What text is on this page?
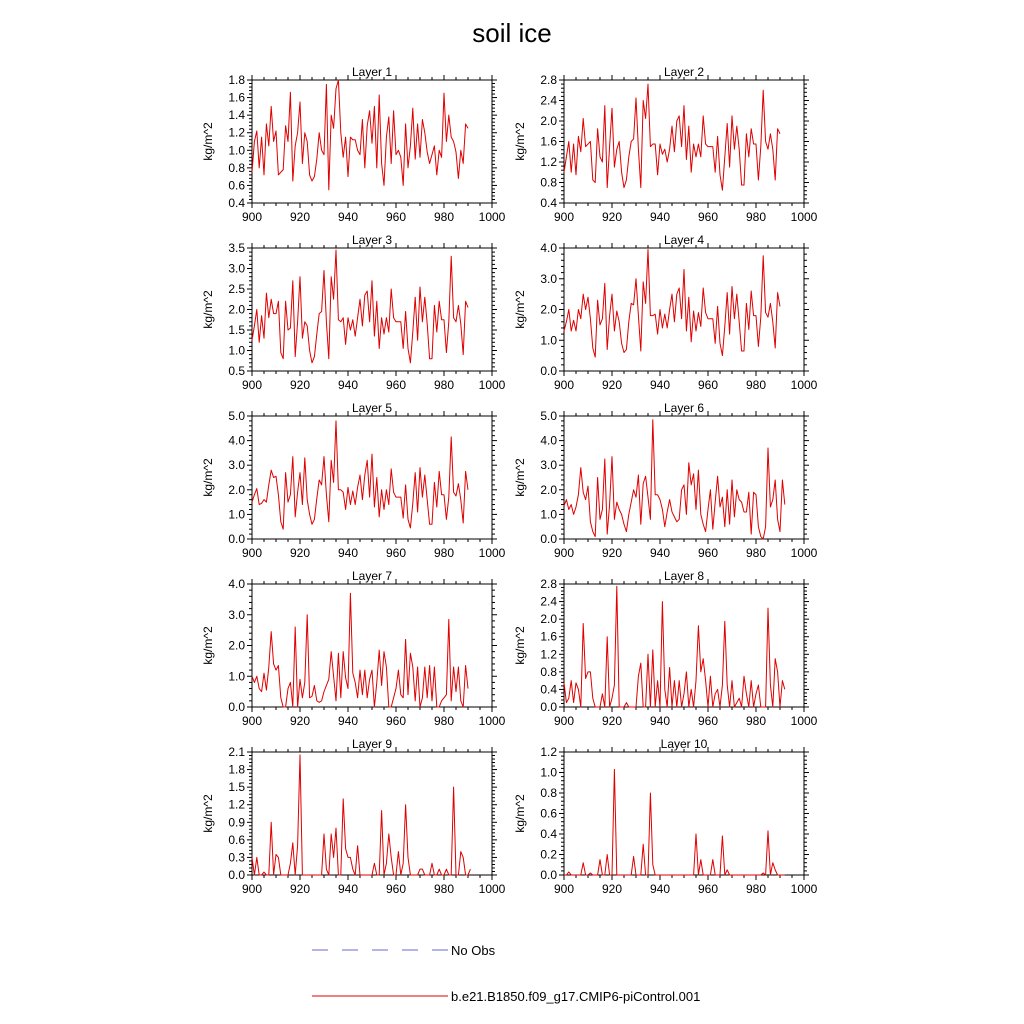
soil ice
Layer 1
900 920 940 960 980 1000
0.4
0.6
0.8
1.0
1.2
1.4
1.6
1.8
kg/m^2
Layer 2
900 920 940 960 980 1000
0.4
0.8
1.2
1.6
2.0
2.4
2.8
kg/m^2
Layer 3
900 920 940 960 980 1000
0.5
1.0
1.5
2.0
2.5
3.0
3.5
kg/m^2
Layer 4
900 920 940 960 980 1000
0.0
1.0
2.0
3.0
4.0
kg/m^2
Layer 5
900 920 940 960 980 1000
0.0
1.0
2.0
3.0
4.0
5.0
kg/m^2
Layer 6
900 920 940 960 980 1000
0.0
1.0
2.0
3.0
4.0
5.0
kg/m^2
Layer 7
900 920 940 960 980 1000
0.0
1.0
2.0
3.0
4.0
kg/m^2
Layer 8
900 920 940 960 980 1000
0.0
0.4
0.8
1.2
1.6
2.0
2.4
2.8
kg/m^2
Layer 9
900 920 940 960 980 1000
0.0
0.3
0.6
0.9
1.2
1.5
1.8
2.1
kg/m^2
Layer 10
900 920 940 960 980 1000
0.0
0.2
0.4
0.6
0.8
1.0
1.2
kg/m^2
No Obs
b.e21.B1850.f09_g17.CMIP6-piControl.001
